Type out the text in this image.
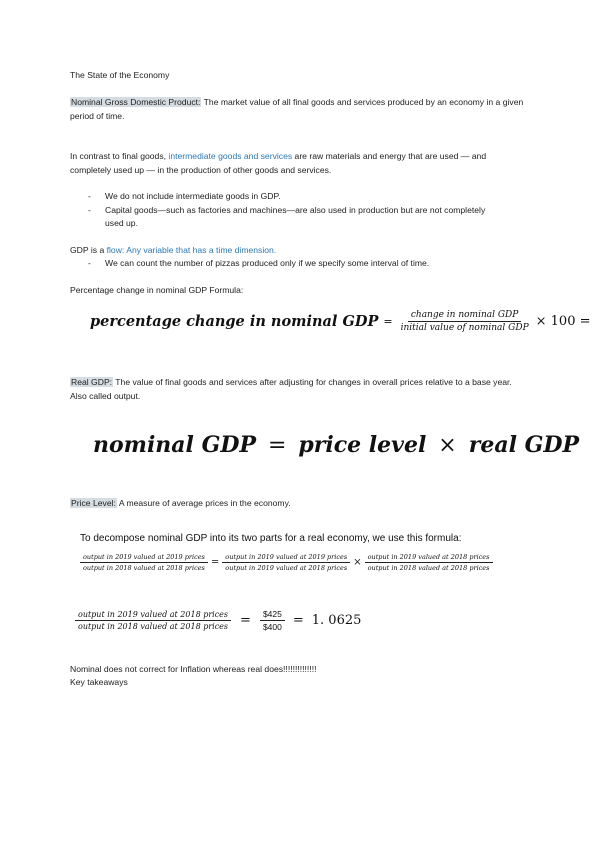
The State of the Economy
Nominal Gross Domestic Product: The market value of all final goods and services produced by an economy in a given period of time.
In contrast to final goods, intermediate goods and services are raw materials and energy that are used — and completely used up — in the production of other goods and services.
- We do not include intermediate goods in GDP.
- Capital goods—such as factories and machines—are also used in production but are not completely used up.
GDP is a flow: Any variable that has a time dimension.
- We can count the number of pizzas produced only if we specify some interval of time.
Percentage change in nominal GDP Formula:
percentage change in nominal GDP = $\frac{\text{change in nominal GDP}}{\text{initial value of nominal GDP}} \times 100$ =
Real GDP: The value of final goods and services after adjusting for changes in overall prices relative to a base year. Also called output.
nominal GDP = price level × real GDP
Price Level: A measure of average prices in the economy.
To decompose nominal GDP into its two parts for a real economy, we use this formula:
$\frac{\text{output in 2019 valued at 2019 prices}}{\text{output in 2018 valued at 2018 prices}} = \frac{\text{output in 2019 valued at 2019 prices}}{\text{output in 2019 valued at 2018 prices}} \times \frac{\text{output in 2019 valued at 2018 prices}}{\text{output in 2018 valued at 2018 prices}}$
$\frac{\text{output in 2019 valued at 2018 prices}}{\text{output in 2018 valued at 2018 prices}} = \frac{\$425}{\$400} = 1$. 0625
Nominal does not correct for Inflation whereas real does!!!!!!!!!!!!!!
Key takeaways
